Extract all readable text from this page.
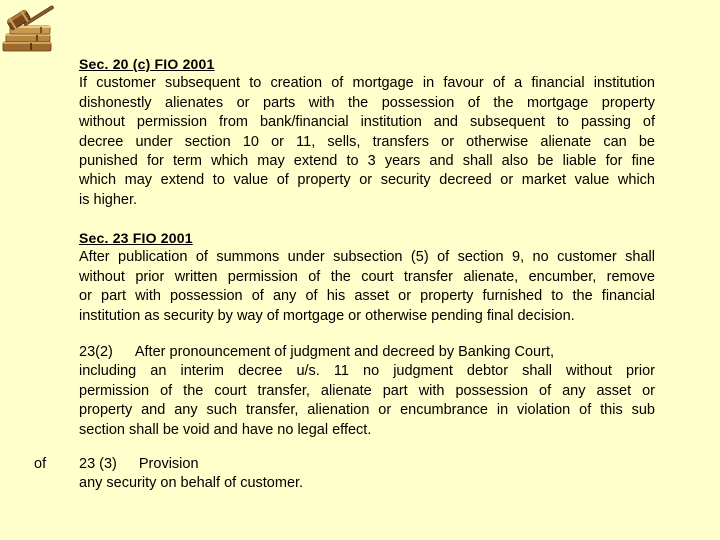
Sec. 20 (c) FIO 2001
If customer subsequent to creation of mortgage in favour of a financial institution
dishonestly alienates or parts with the possession of the mortgage property
without permission from bank/financial institution and subsequent to passing of
decree under section 10 or 11, sells, transfers or otherwise alienate can be
punished for term which may extend to 3 years and shall also be liable for fine
which may extend to value of property or security decreed or market value which
is higher.
Sec. 23 FIO 2001
After publication of summons under subsection (5) of section 9, no customer shall
without prior written permission of the court transfer alienate, encumber, remove
or part with possession of any of his asset or property furnished to the financial
institution as security by way of mortgage or otherwise pending final decision.
23(2) After pronouncement of judgment and decreed by Banking Court,
including an interim decree u/s. 11 no judgment debtor shall without prior
permission of the court transfer, alienate part with possession of any asset or
property and any such transfer, alienation or encumbrance in violation of this sub
section shall be void and have no legal effect.
of 23 (3) Provision
any security on behalf of customer.
